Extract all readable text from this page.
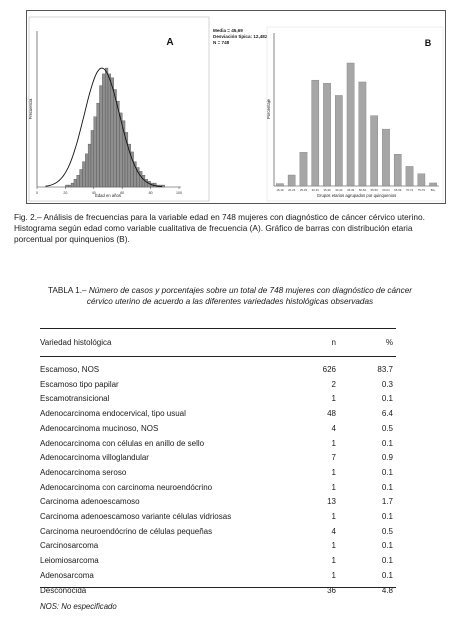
0	20	40	60	80	100
Edad en años
Frecuencia
A
Media = 45,69
Desviación típica: 12,482
N = 748
15-19 20-24 25-29 30-34 35-39 40-44 45-49 50-54 55-59 60-64 65-69 70-74 75-79 80+
Grupos etarios agrupados por quinquenios
Porcentaje
B
Fig. 2.– Análisis de frecuencias para la variable edad en 748 mujeres con diagnóstico de cáncer cérvico uterino. Histograma según edad como variable cualitativa de frecuencia (A). Gráfico de barras con distribución etaria porcentual por quinquenios (B).
TABLA 1.– Número de casos y porcentajes sobre un total de 748 mujeres con diagnóstico de cáncer cérvico uterino de acuerdo a las diferentes variedades histológicas observadas
Variedad histológica	n	%
Escamoso, NOS	626	83.7
Escamoso tipo papilar	2	0.3
Escamotransicional	1	0.1
Adenocarcinoma endocervical, tipo usual	48	6.4
Adenocarcinoma mucinoso, NOS	4	0.5
Adenocarcinoma con células en anillo de sello	1	0.1
Adenocarcinoma villoglandular	7	0.9
Adenocarcinoma seroso	1	0.1
Adenocarcinoma con carcinoma neuroendócrino	1	0.1
Carcinoma adenoescamoso	13	1.7
Carcinoma adenoescamoso variante células vidriosas	1	0.1
Carcinoma neuroendócrino de células pequeñas	4	0.5
Carcinosarcoma	1	0.1
Leiomiosarcoma	1	0.1
Adenosarcoma	1	0.1
Desconocida	36	4.8
NOS: No especificado
